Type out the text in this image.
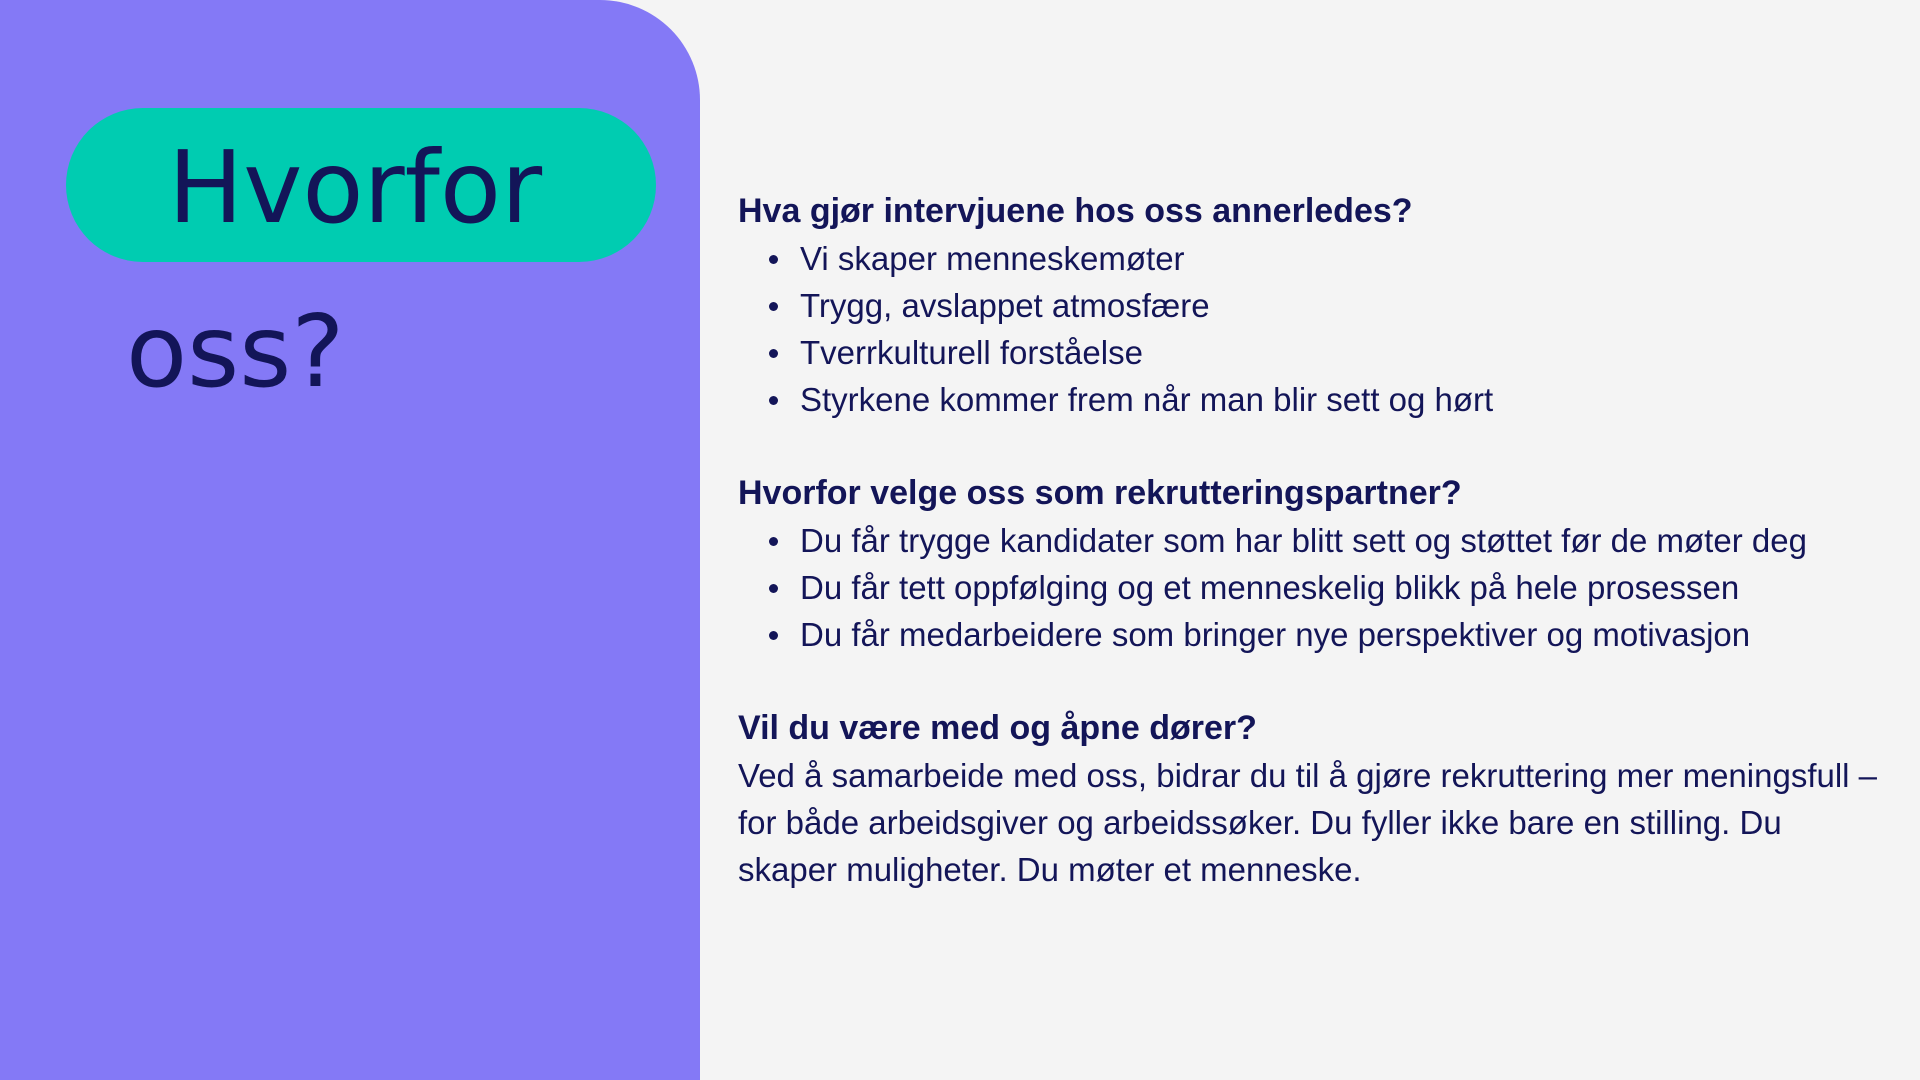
Hvorfor
oss?
Hva gjør intervjuene hos oss annerledes?
Vi skaper menneskemøter
Trygg, avslappet atmosfære
Tverrkulturell forståelse
Styrkene kommer frem når man blir sett og hørt
Hvorfor velge oss som rekrutteringspartner?
Du får trygge kandidater som har blitt sett og støttet før de møter deg
Du får tett oppfølging og et menneskelig blikk på hele prosessen
Du får medarbeidere som bringer nye perspektiver og motivasjon
Vil du være med og åpne dører?
Ved å samarbeide med oss, bidrar du til å gjøre rekruttering mer meningsfull – for både arbeidsgiver og arbeidssøker. Du fyller ikke bare en stilling. Du skaper muligheter. Du møter et menneske.
